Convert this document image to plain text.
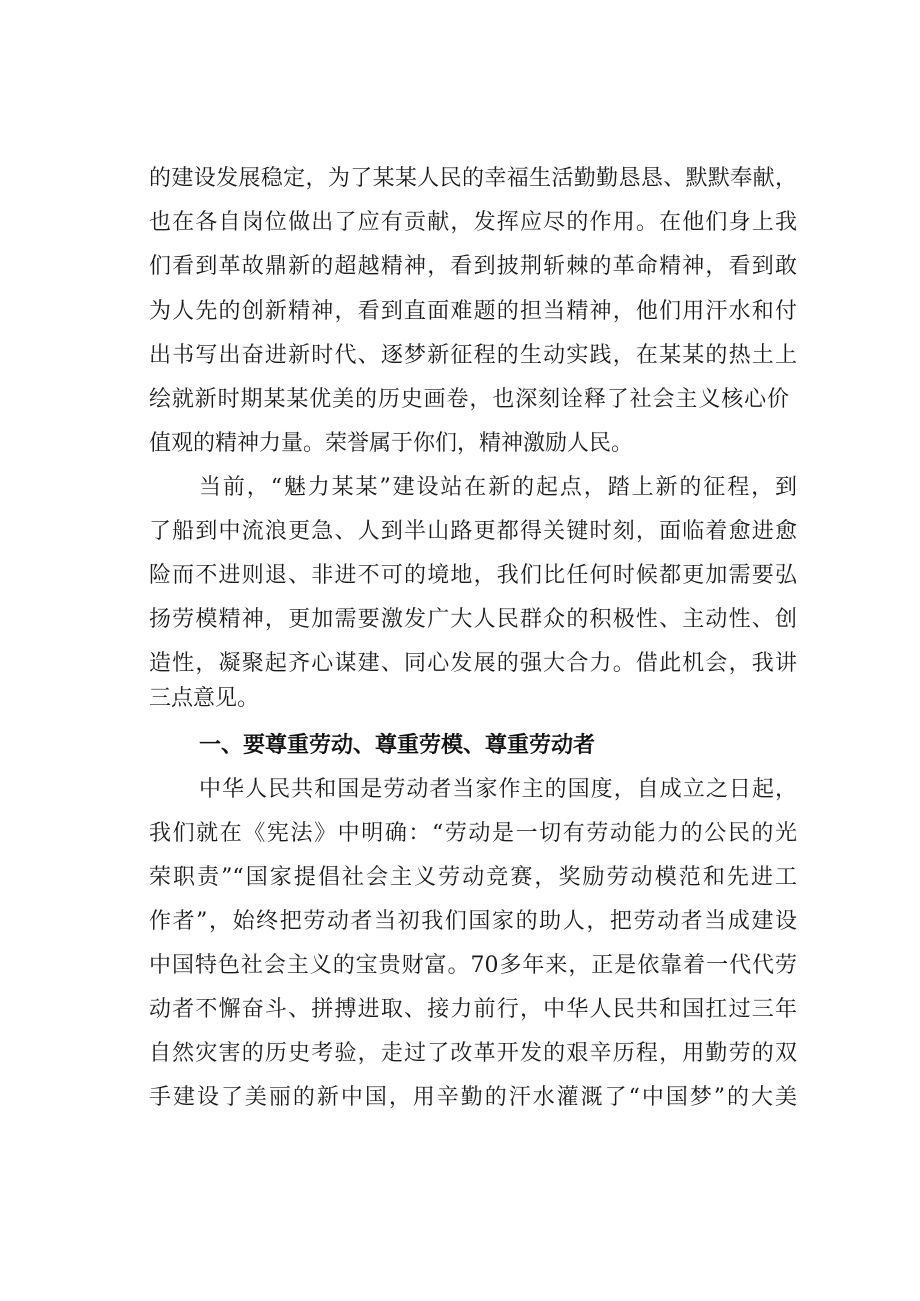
的建设发展稳定，为了某某人民的幸福生活勤勤恳恳、默默奉献，
也在各自岗位做出了应有贡献，发挥应尽的作用。在他们身上我
们看到革故鼎新的超越精神，看到披荆斩棘的革命精神，看到敢
为人先的创新精神，看到直面难题的担当精神，他们用汗水和付
出书写出奋进新时代、逐梦新征程的生动实践，在某某的热土上
绘就新时期某某优美的历史画卷，也深刻诠释了社会主义核心价
值观的精神力量。荣誉属于你们，精神激励人民。
当前，“魅力某某”建设站在新的起点，踏上新的征程，到
了船到中流浪更急、人到半山路更都得关键时刻，面临着愈进愈
险而不进则退、非进不可的境地，我们比任何时候都更加需要弘
扬劳模精神，更加需要激发广大人民群众的积极性、主动性、创
造性，凝聚起齐心谋建、同心发展的强大合力。借此机会，我讲
三点意见。
一、要尊重劳动、尊重劳模、尊重劳动者
中华人民共和国是劳动者当家作主的国度，自成立之日起，
我们就在《宪法》中明确：“劳动是一切有劳动能力的公民的光
荣职责”“国家提倡社会主义劳动竞赛，奖励劳动模范和先进工
作者”，始终把劳动者当初我们国家的助人，把劳动者当成建设
中国特色社会主义的宝贵财富。70多年来，正是依靠着一代代劳
动者不懈奋斗、拼搏进取、接力前行，中华人民共和国扛过三年
自然灾害的历史考验，走过了改革开发的艰辛历程，用勤劳的双
手建设了美丽的新中国，用辛勤的汗水灌溉了“中国梦”的大美
